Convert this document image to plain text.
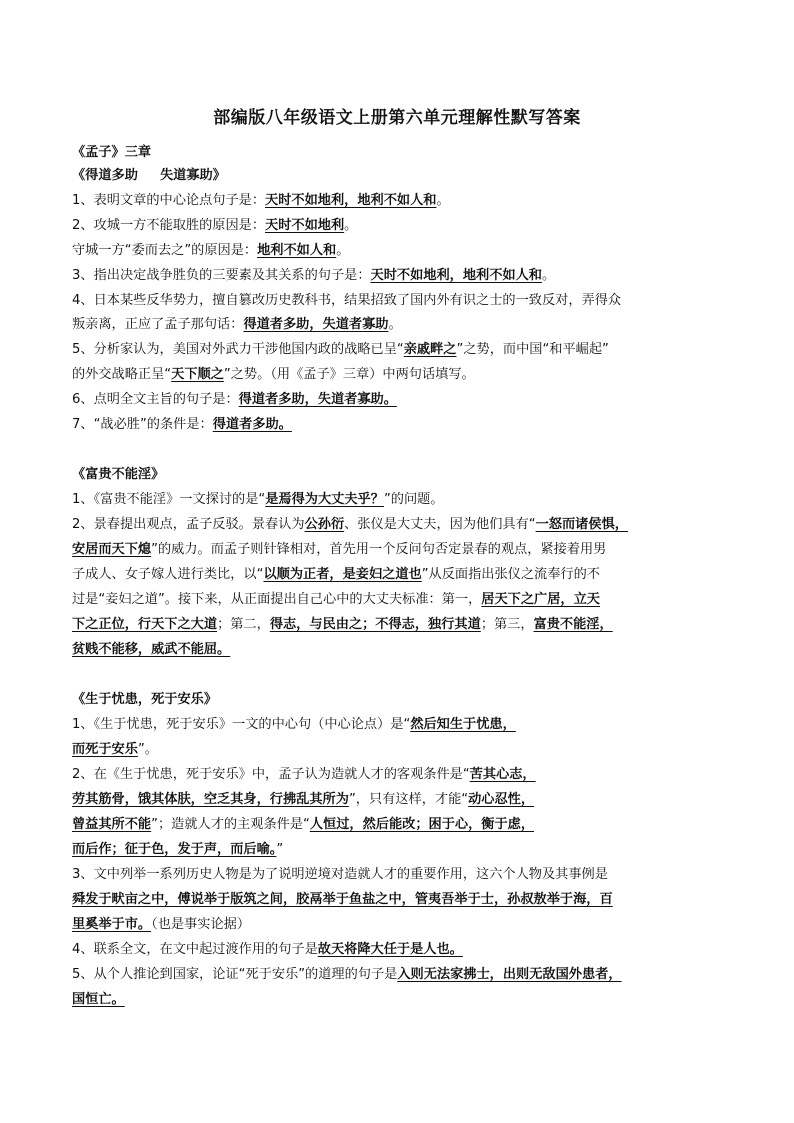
部编版八年级语文上册第六单元理解性默写答案
《孟子》三章
《得道多助 失道寡助》
1、表明文章的中心论点句子是：天时不如地利，地利不如人和。
2、攻城一方不能取胜的原因是：天时不如地利。
守城一方“委而去之”的原因是：地利不如人和。
3、指出决定战争胜负的三要素及其关系的句子是：天时不如地利，地利不如人和。
4、日本某些反华势力，擅自篡改历史教科书，结果招致了国内外有识之士的一致反对，弄得众
叛亲离，正应了孟子那句话：得道者多助，失道者寡助。
5、分析家认为，美国对外武力干涉他国内政的战略已呈“亲戚畔之”之势，而中国“和平崛起”
的外交战略正呈“天下顺之”之势。（用《孟子》三章）中两句话填写。
6、点明全文主旨的句子是：得道者多助，失道者寡助。
7、“战必胜”的条件是：得道者多助。
《富贵不能淫》
1、《富贵不能淫》一文探讨的是“是焉得为大丈夫乎？”的问题。
2、景春提出观点，孟子反驳。景春认为公孙衍、张仪是大丈夫，因为他们具有“一怒而诸侯惧，
安居而天下熄”的威力。而孟子则针锋相对，首先用一个反问句否定景春的观点，紧接着用男
子成人、女子嫁人进行类比，以“以顺为正者，是妾妇之道也”从反面指出张仪之流奉行的不
过是“妾妇之道”。接下来，从正面提出自己心中的大丈夫标准：第一，居天下之广居，立天
下之正位，行天下之大道；第二，得志，与民由之；不得志，独行其道；第三，富贵不能淫，
贫贱不能移，威武不能屈。
《生于忧患，死于安乐》
1、《生于忧患，死于安乐》一文的中心句（中心论点）是“然后知生于忧患，
而死于安乐”。
2、在《生于忧患，死于安乐》中，孟子认为造就人才的客观条件是“苦其心志，
劳其筋骨，饿其体肤，空乏其身，行拂乱其所为”，只有这样，才能“动心忍性，
曾益其所不能”；造就人才的主观条件是“人恒过，然后能改；困于心，衡于虑，
而后作；征于色，发于声，而后喻。”
3、文中列举一系列历史人物是为了说明逆境对造就人才的重要作用，这六个人物及其事例是
舜发于畎亩之中，傅说举于版筑之间，胶鬲举于鱼盐之中，管夷吾举于士，孙叔敖举于海，百
里奚举于市。（也是事实论据）
4、联系全文，在文中起过渡作用的句子是故天将降大任于是人也。
5、从个人推论到国家，论证“死于安乐”的道理的句子是入则无法家拂士，出则无敌国外患者，
国恒亡。
